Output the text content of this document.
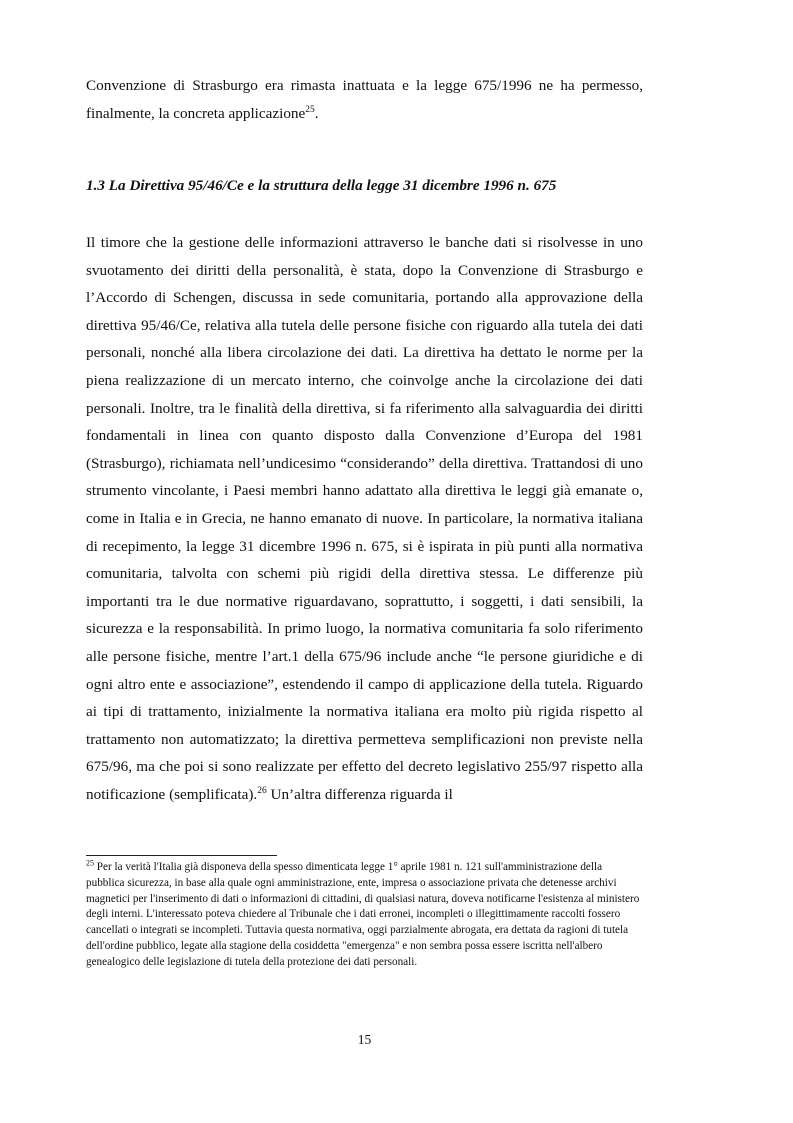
Convenzione di Strasburgo era rimasta inattuata e la legge 675/1996 ne ha permesso, finalmente, la concreta applicazione$^{25}$.

1.3 La Direttiva 95/46/Ce e la struttura della legge 31 dicembre 1996 n. 675

Il timore che la gestione delle informazioni attraverso le banche dati si risolvesse in uno svuotamento dei diritti della personalità, è stata, dopo la Convenzione di Strasburgo e l’Accordo di Schengen, discussa in sede comunitaria, portando alla approvazione della direttiva 95/46/Ce, relativa alla tutela delle persone fisiche con riguardo alla tutela dei dati personali, nonché alla libera circolazione dei dati. La direttiva ha dettato le norme per la piena realizzazione di un mercato interno, che coinvolge anche la circolazione dei dati personali. Inoltre, tra le finalità della direttiva, si fa riferimento alla salvaguardia dei diritti fondamentali in linea con quanto disposto dalla Convenzione d’Europa del 1981 (Strasburgo), richiamata nell’undicesimo “considerando” della direttiva. Trattandosi di uno strumento vincolante, i Paesi membri hanno adattato alla direttiva le leggi già emanate o, come in Italia e in Grecia, ne hanno emanato di nuove. In particolare, la normativa italiana di recepimento, la legge 31 dicembre 1996 n. 675, si è ispirata in più punti alla normativa comunitaria, talvolta con schemi più rigidi della direttiva stessa. Le differenze più importanti tra le due normative riguardavano, soprattutto, i soggetti, i dati sensibili, la sicurezza e la responsabilità. In primo luogo, la normativa comunitaria fa solo riferimento alle persone fisiche, mentre l’art.1 della 675/96 include anche “le persone giuridiche e di ogni altro ente e associazione”, estendendo il campo di applicazione della tutela. Riguardo ai tipi di trattamento, inizialmente la normativa italiana era molto più rigida rispetto al trattamento non automatizzato; la direttiva permetteva semplificazioni non previste nella 675/96, ma che poi si sono realizzate per effetto del decreto legislativo 255/97 rispetto alla notificazione (semplificata).$^{26}$ Un’altra differenza riguarda il

$^{25}$ Per la verità l'Italia già disponeva della spesso dimenticata legge 1° aprile 1981 n. 121 sull'amministrazione della pubblica sicurezza, in base alla quale ogni amministrazione, ente, impresa o associazione privata che detenesse archivi magnetici per l'inserimento di dati o informazioni di cittadini, di qualsiasi natura, doveva notificarne l'esistenza al ministero degli interni. L'interessato poteva chiedere al Tribunale che i dati erronei, incompleti o illegittimamente raccolti fossero cancellati o integrati se incompleti. Tuttavia questa normativa, oggi parzialmente abrogata, era dettata da ragioni di tutela dell'ordine pubblico, legate alla stagione della cosiddetta "emergenza" e non sembra possa essere iscritta nell'albero genealogico delle legislazione di tutela della protezione dei dati personali.

15
